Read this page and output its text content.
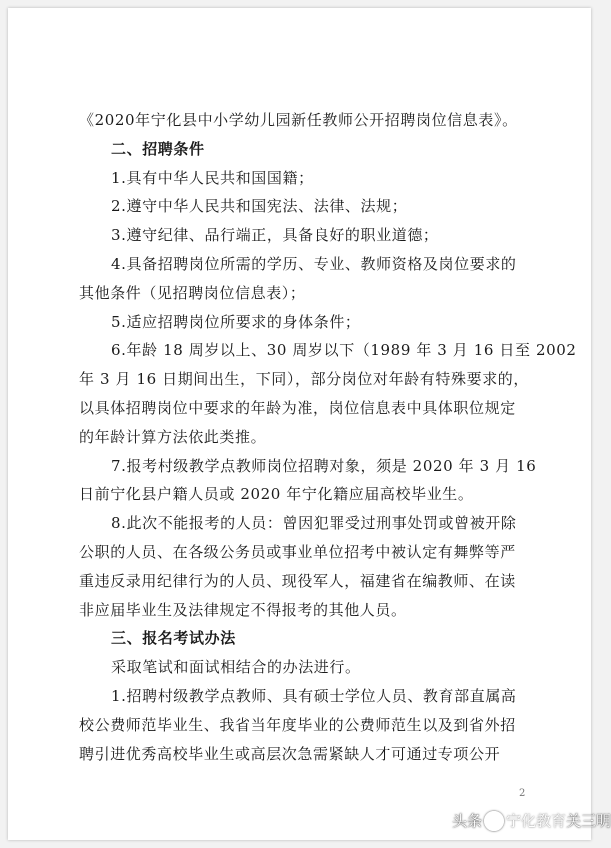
《2020年宁化县中小学幼儿园新任教师公开招聘岗位信息表》。
二、招聘条件
1.具有中华人民共和国国籍；
2.遵守中华人民共和国宪法、法律、法规；
3.遵守纪律、品行端正，具备良好的职业道德；
4.具备招聘岗位所需的学历、专业、教师资格及岗位要求的
其他条件（见招聘岗位信息表）；
5.适应招聘岗位所要求的身体条件；
6.年龄 18 周岁以上、30 周岁以下（1989 年 3 月 16 日至 2002
年 3 月 16 日期间出生，下同），部分岗位对年龄有特殊要求的，
以具体招聘岗位中要求的年龄为准，岗位信息表中具体职位规定
的年龄计算方法依此类推。
7.报考村级教学点教师岗位招聘对象，须是 2020 年 3 月 16
日前宁化县户籍人员或 2020 年宁化籍应届高校毕业生。
8.此次不能报考的人员：曾因犯罪受过刑事处罚或曾被开除
公职的人员、在各级公务员或事业单位招考中被认定有舞弊等严
重违反录用纪律行为的人员、现役军人，福建省在编教师、在读
非应届毕业生及法律规定不得报考的其他人员。
三、报名考试办法
采取笔试和面试相结合的办法进行。
1.招聘村级教学点教师、具有硕士学位人员、教育部直属高
校公费师范毕业生、我省当年度毕业的公费师范生以及到省外招
聘引进优秀高校毕业生或高层次急需紧缺人才可通过专项公开
2
头条 宁化教育 关三明
